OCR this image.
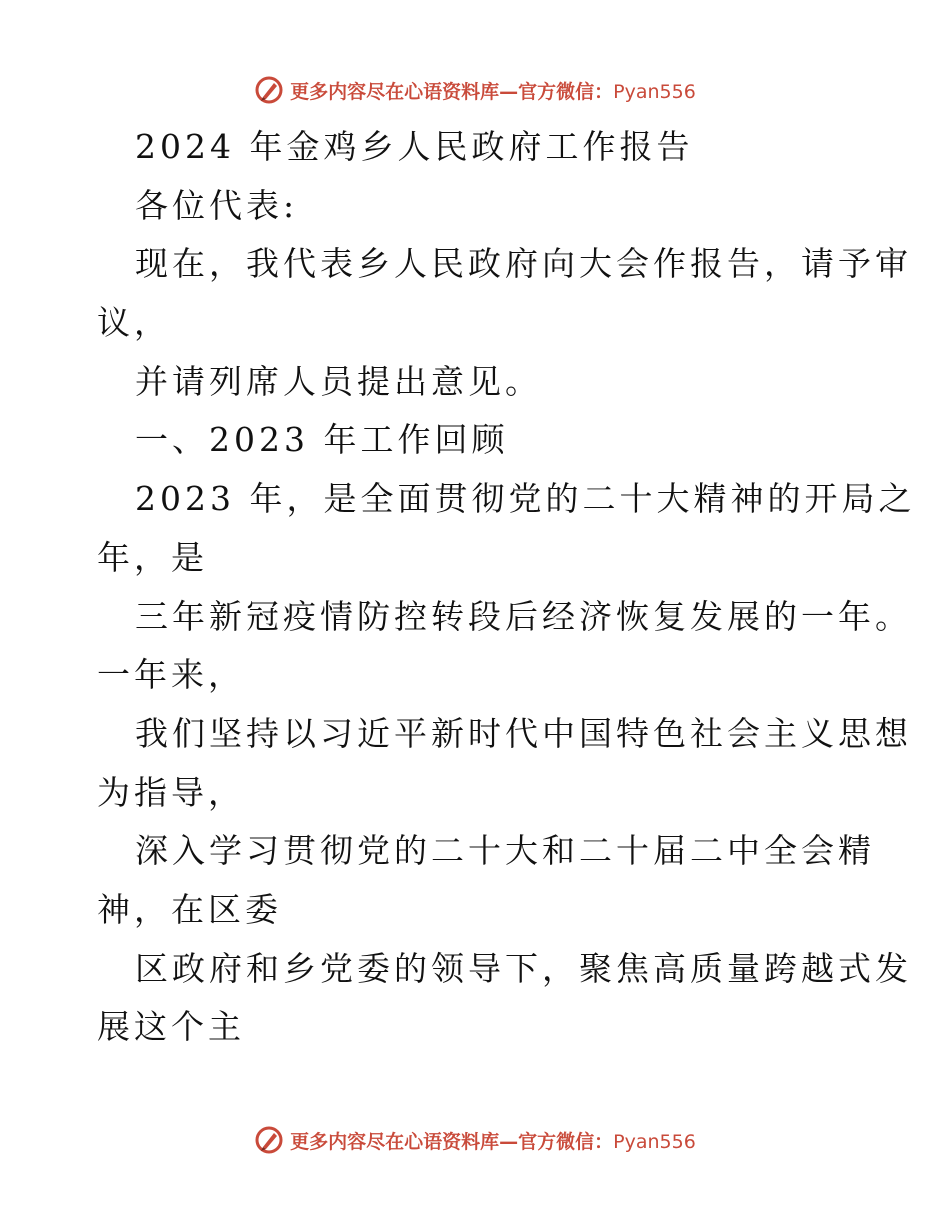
更多内容尽在心语资料库—官方微信：Pyan556
2024 年金鸡乡人民政府工作报告
各位代表:
现在，我代表乡人民政府向大会作报告，请予审
议，
并请列席人员提出意见。
一、2023 年工作回顾
2023 年，是全面贯彻党的二十大精神的开局之
年，是
三年新冠疫情防控转段后经济恢复发展的一年。
一年来，
我们坚持以习近平新时代中国特色社会主义思想
为指导，
深入学习贯彻党的二十大和二十届二中全会精
神，在区委
区政府和乡党委的领导下，聚焦高质量跨越式发
展这个主
更多内容尽在心语资料库—官方微信：Pyan556
